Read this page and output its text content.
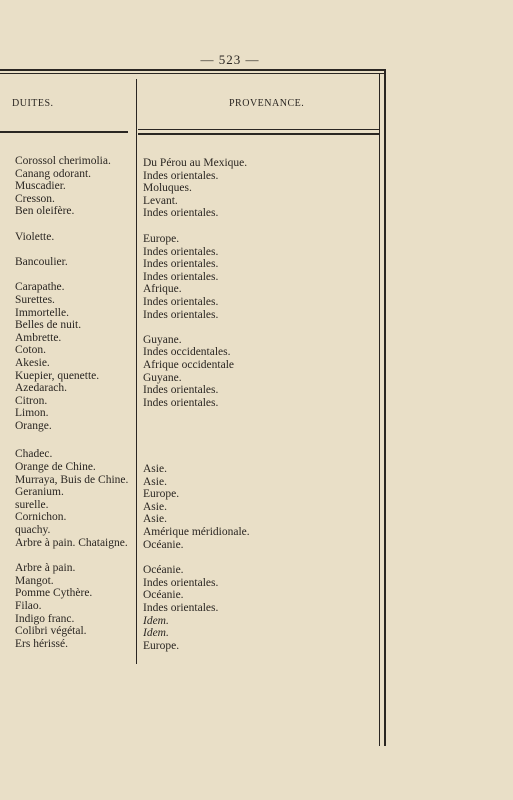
— 523 —
DUITES.	PROVENANCE.
Corossol cherimolia.
Canang odorant.
Muscadier.
Cresson.
Ben oleifère.
Violette.
Bancoulier.
Carapathe.
Surettes.
Immortelle.
Belles de nuit.
Ambrette.
Coton.
Akesie.
Kuepier, quenette.
Azedarach.
Citron.
Limon.
Orange.
Chadec.
Orange de Chine.
Murraya, Buis de Chine.
Geranium.
surelle.
Cornichon.
quachy.
Arbre à pain. Chataigne.
Arbre à pain.
Mangot.
Pomme Cythère.
Filao.
Indigo franc.
Colibri végétal.
Ers hérissé.
Du Pérou au Mexique.
Indes orientales.
Moluques.
Levant.
Indes orientales.
Europe.
Indes orientales.
Indes orientales.
Indes orientales.
Afrique.
Indes orientales.
Indes orientales.
Guyane.
Indes occidentales.
Afrique occidentale
Guyane.
Indes orientales.
Indes orientales.
Asie.
Asie.
Europe.
Asie.
Asie.
Amérique méridionale.
Océanie.
Océanie.
Indes orientales.
Océanie.
Indes orientales.
Idem.
Idem.
Europe.
